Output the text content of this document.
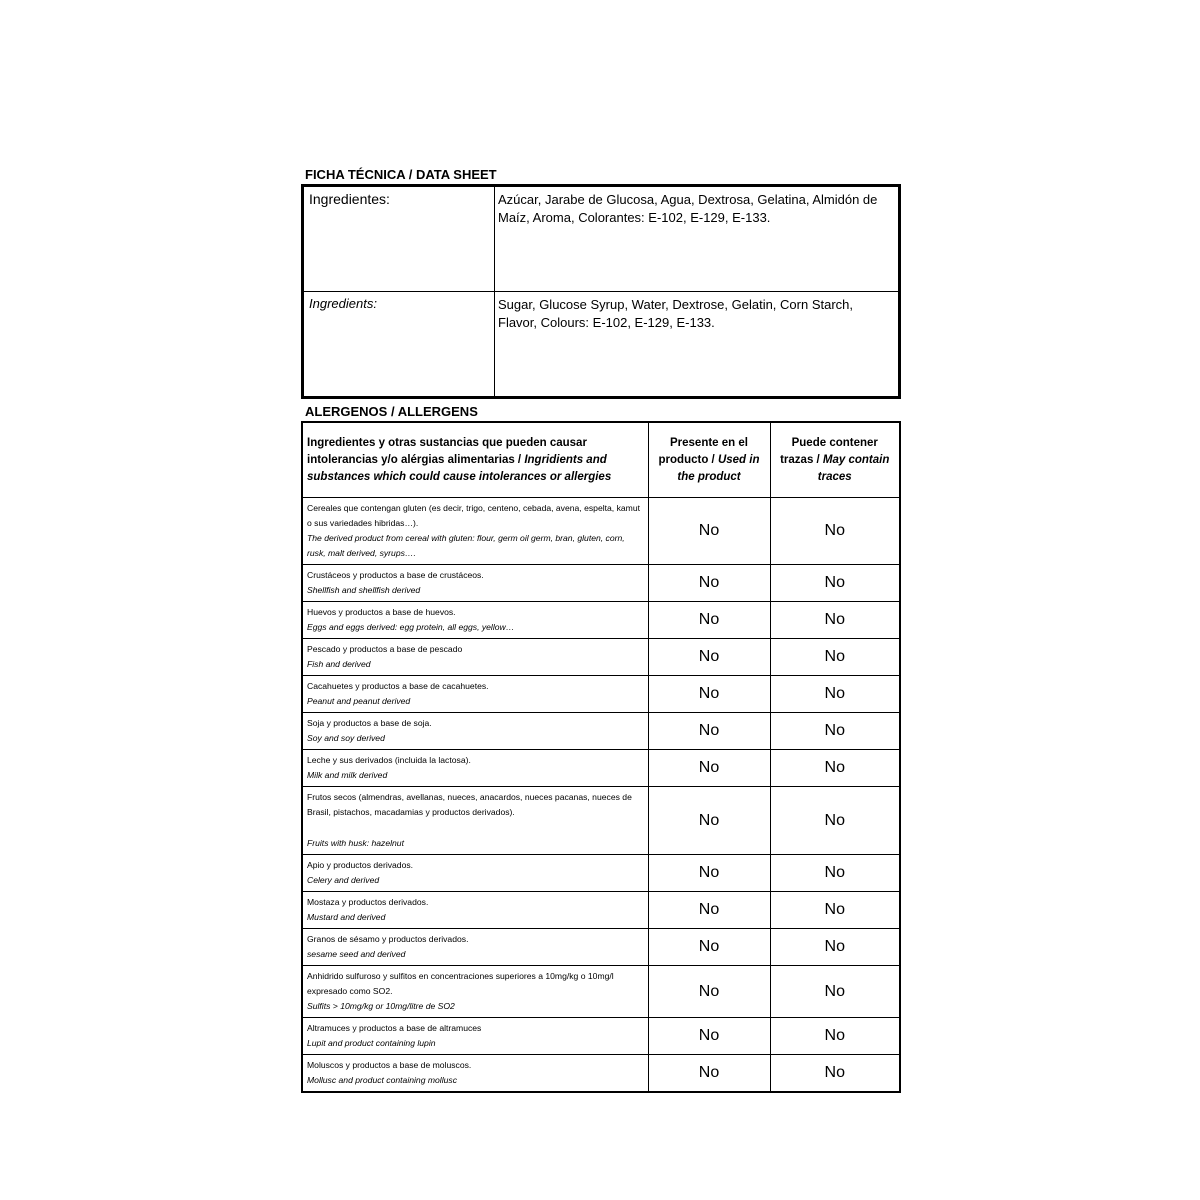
FICHA TÉCNICA / DATA SHEET
Ingredientes:	Azúcar, Jarabe de Glucosa, Agua, Dextrosa, Gelatina, Almidón de Maíz, Aroma, Colorantes: E-102, E-129, E-133.
Ingredients:	Sugar, Glucose Syrup, Water, Dextrose, Gelatin, Corn Starch, Flavor, Colours: E-102, E-129, E-133.
ALERGENOS / ALLERGENS
Ingredientes y otras sustancias que pueden causar intolerancias y/o alérgias alimentarias / Ingridients and substances which could cause intolerances or allergies	Presente en el producto / Used in the product	Puede contener trazas / May contain traces

Cereales que contengan gluten (es decir, trigo, centeno, cebada, avena, espelta, kamut o sus variedades hibridas…).
The derived product from cereal with gluten: flour, germ oil germ, bran, gluten, corn, rusk, malt derived, syrups….	No	No

Crustáceos y productos a base de crustáceos.
Shellfish and shellfish derived	No	No

Huevos y productos a base de huevos.
Eggs and eggs derived: egg protein, all eggs, yellow…	No	No

Pescado y productos a base de pescado
Fish and derived	No	No

Cacahuetes y productos a base de cacahuetes.
Peanut and peanut derived	No	No

Soja y productos a base de soja.
Soy and soy derived	No	No

Leche y sus derivados (incluida la lactosa).
Milk and milk derived	No	No

Frutos secos (almendras, avellanas, nueces, anacardos, nueces pacanas, nueces de Brasil, pistachos, macadamias y productos derivados).
Fruits with husk: hazelnut	No	No

Apio y productos derivados.
Celery and derived	No	No

Mostaza y productos derivados.
Mustard and derived	No	No

Granos de sésamo y productos derivados.
sesame seed and derived	No	No

Anhidrido sulfuroso y sulfitos en concentraciones superiores a 10mg/kg o 10mg/l expresado como SO2.
Sulfits > 10mg/kg or 10mg/litre de SO2	No	No

Altramuces y productos a base de altramuces
Lupit and product containing lupin	No	No

Moluscos y productos a base de moluscos.
Mollusc and product containing mollusc	No	No
